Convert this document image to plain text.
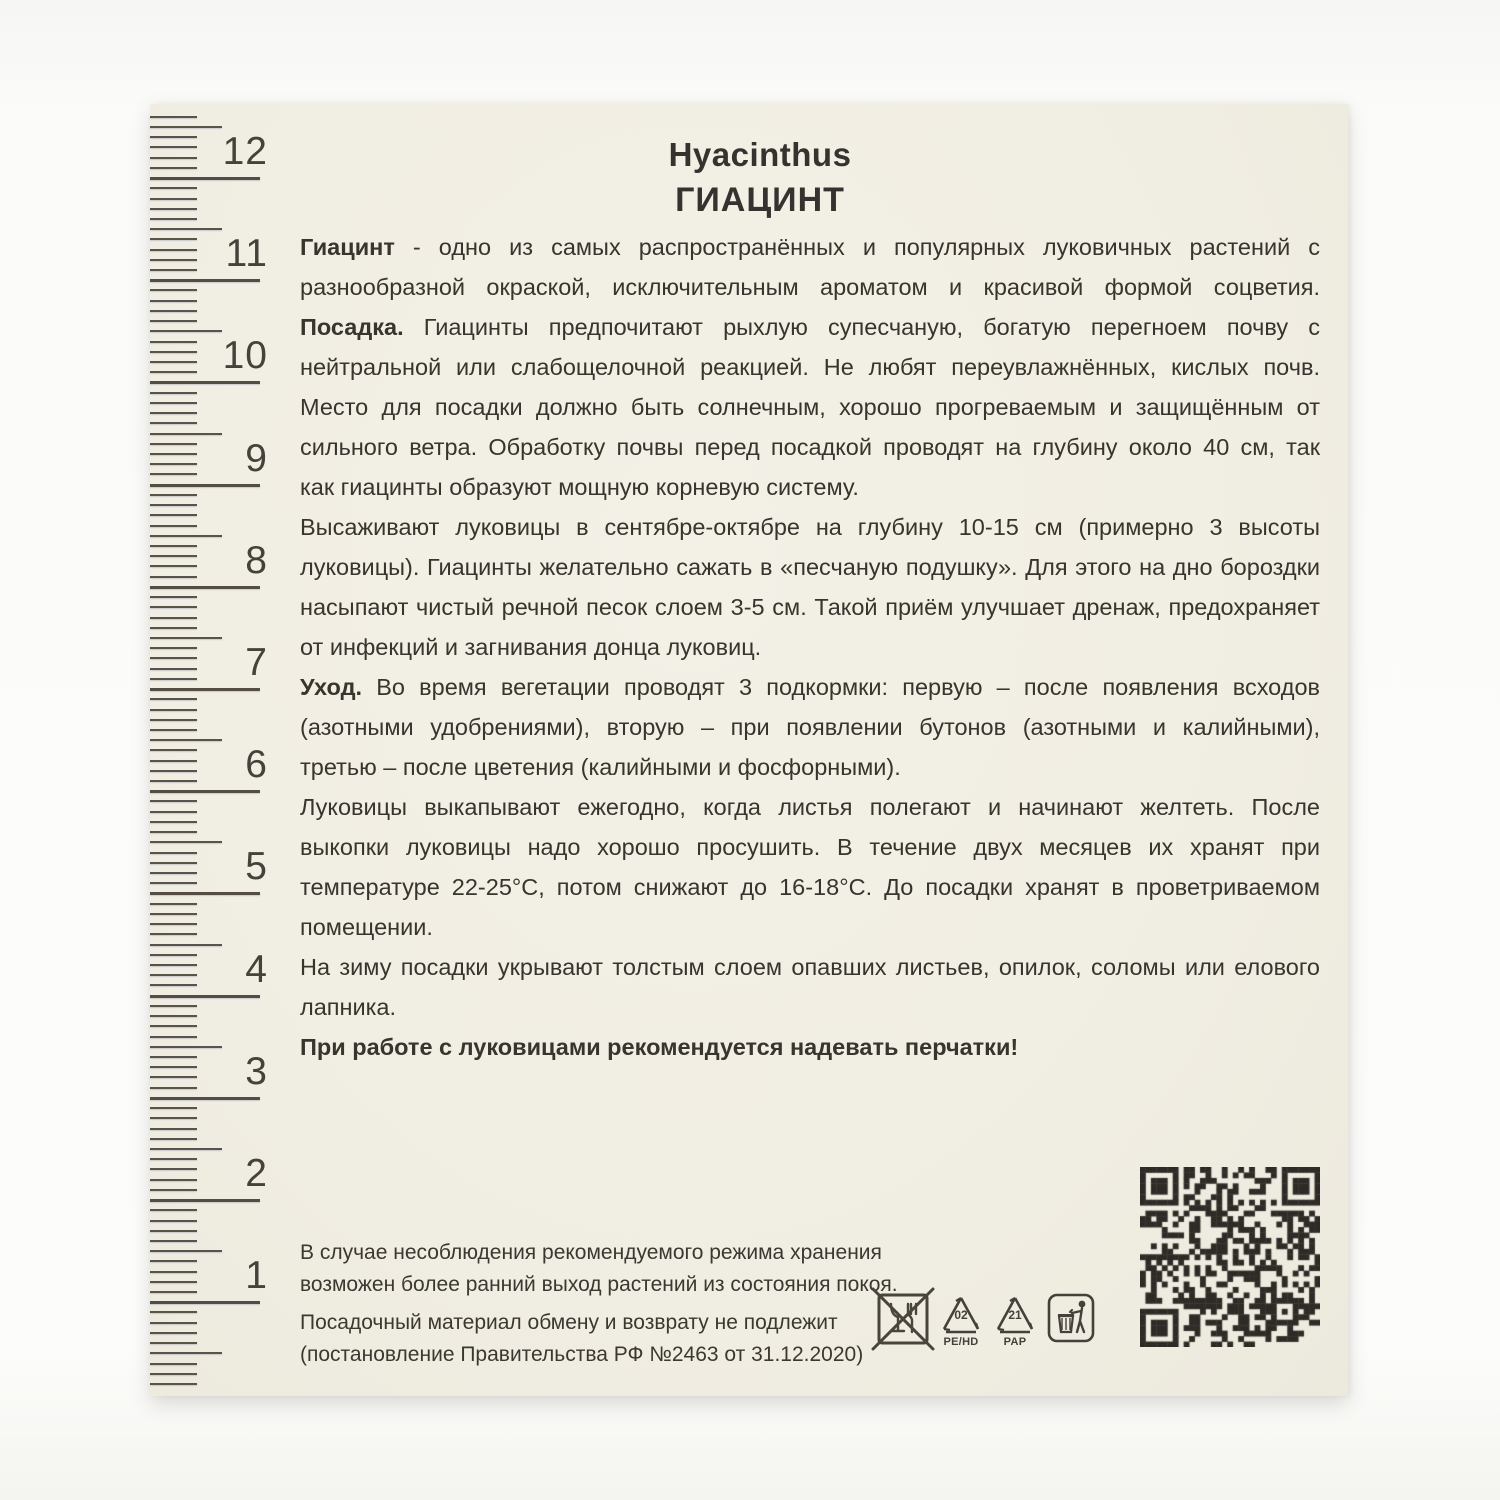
12
11
10
9
8
7
6
5
4
3
2
1
Hyacinthus
ГИАЦИНТ
Гиацинт - одно из самых распространённых и популярных луковичных растений с
разнообразной окраской, исключительным ароматом и красивой формой соцветия.
Посадка. Гиацинты предпочитают рыхлую супесчаную, богатую перегноем почву с
нейтральной или слабощелочной реакцией. Не любят переувлажнённых, кислых почв.
Место для посадки должно быть солнечным, хорошо прогреваемым и защищённым от
сильного ветра. Обработку почвы перед посадкой проводят на глубину около 40 см, так
как гиацинты образуют мощную корневую систему.
Высаживают луковицы в сентябре-октябре на глубину 10-15 см (примерно 3 высоты
луковицы). Гиацинты желательно сажать в «песчаную подушку». Для этого на дно бороздки
насыпают чистый речной песок слоем 3-5 см. Такой приём улучшает дренаж, предохраняет
от инфекций и загнивания донца луковиц.
Уход. Во время вегетации проводят 3 подкормки: первую – после появления всходов
(азотными удобрениями), вторую – при появлении бутонов (азотными и калийными),
третью – после цветения (калийными и фосфорными).
Луковицы выкапывают ежегодно, когда листья полегают и начинают желтеть. После
выкопки луковицы надо хорошо просушить. В течение двух месяцев их хранят при
температуре 22-25°С, потом снижают до 16-18°С. До посадки хранят в проветриваемом
помещении.
На зиму посадки укрывают толстым слоем опавших листьев, опилок, соломы или елового
лапника.
При работе с луковицами рекомендуется надевать перчатки!
В случае несоблюдения рекомендуемого режима хранения
возможен более ранний выход растений из состояния покоя.
Посадочный материал обмену и возврату не подлежит
(постановление Правительства РФ №2463 от 31.12.2020)
02
PE/HD
21
PAP
